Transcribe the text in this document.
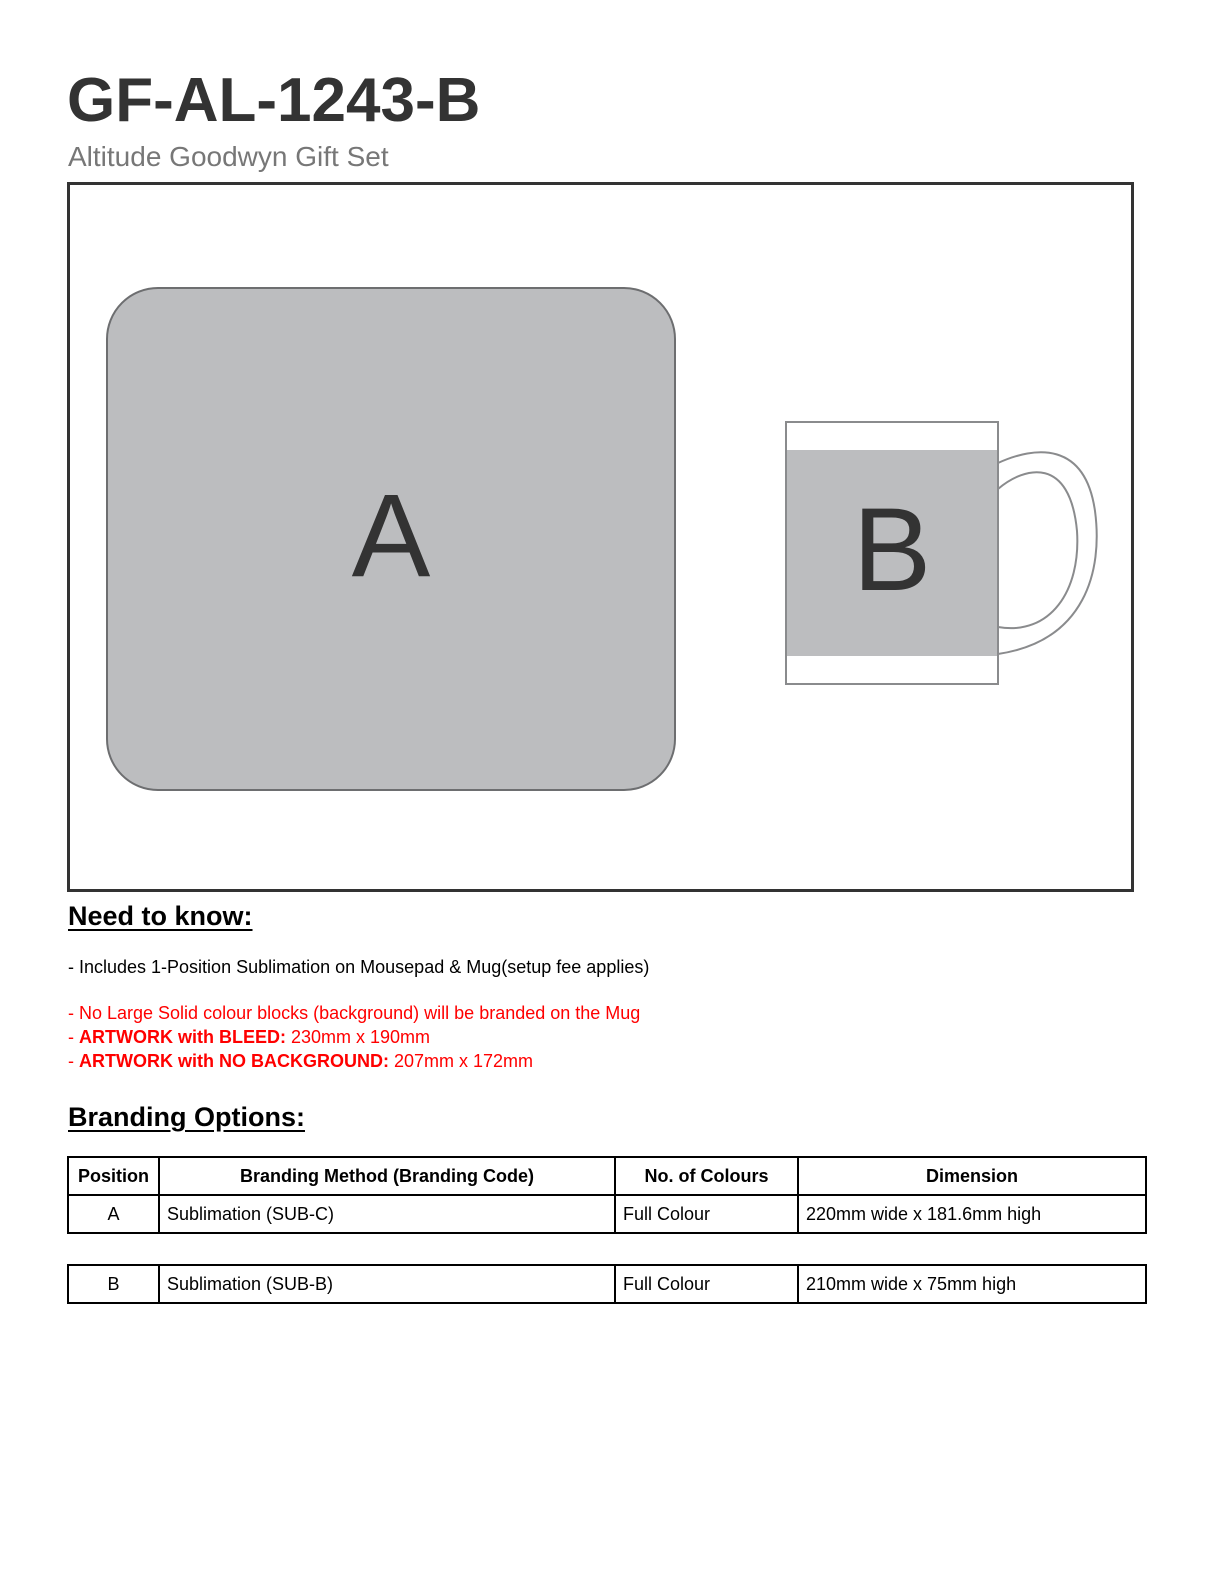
GF-AL-1243-B
Altitude Goodwyn Gift Set
A	B
Need to know:
- Includes 1-Position Sublimation on Mousepad & Mug(setup fee applies)
- No Large Solid colour blocks (background) will be branded on the Mug
- ARTWORK with BLEED: 230mm x 190mm
- ARTWORK with NO BACKGROUND: 207mm x 172mm
Branding Options:
Position	Branding Method (Branding Code)	No. of Colours	Dimension
A	Sublimation (SUB-C)	Full Colour	220mm wide x 181.6mm high
B	Sublimation (SUB-B)	Full Colour	210mm wide x 75mm high
